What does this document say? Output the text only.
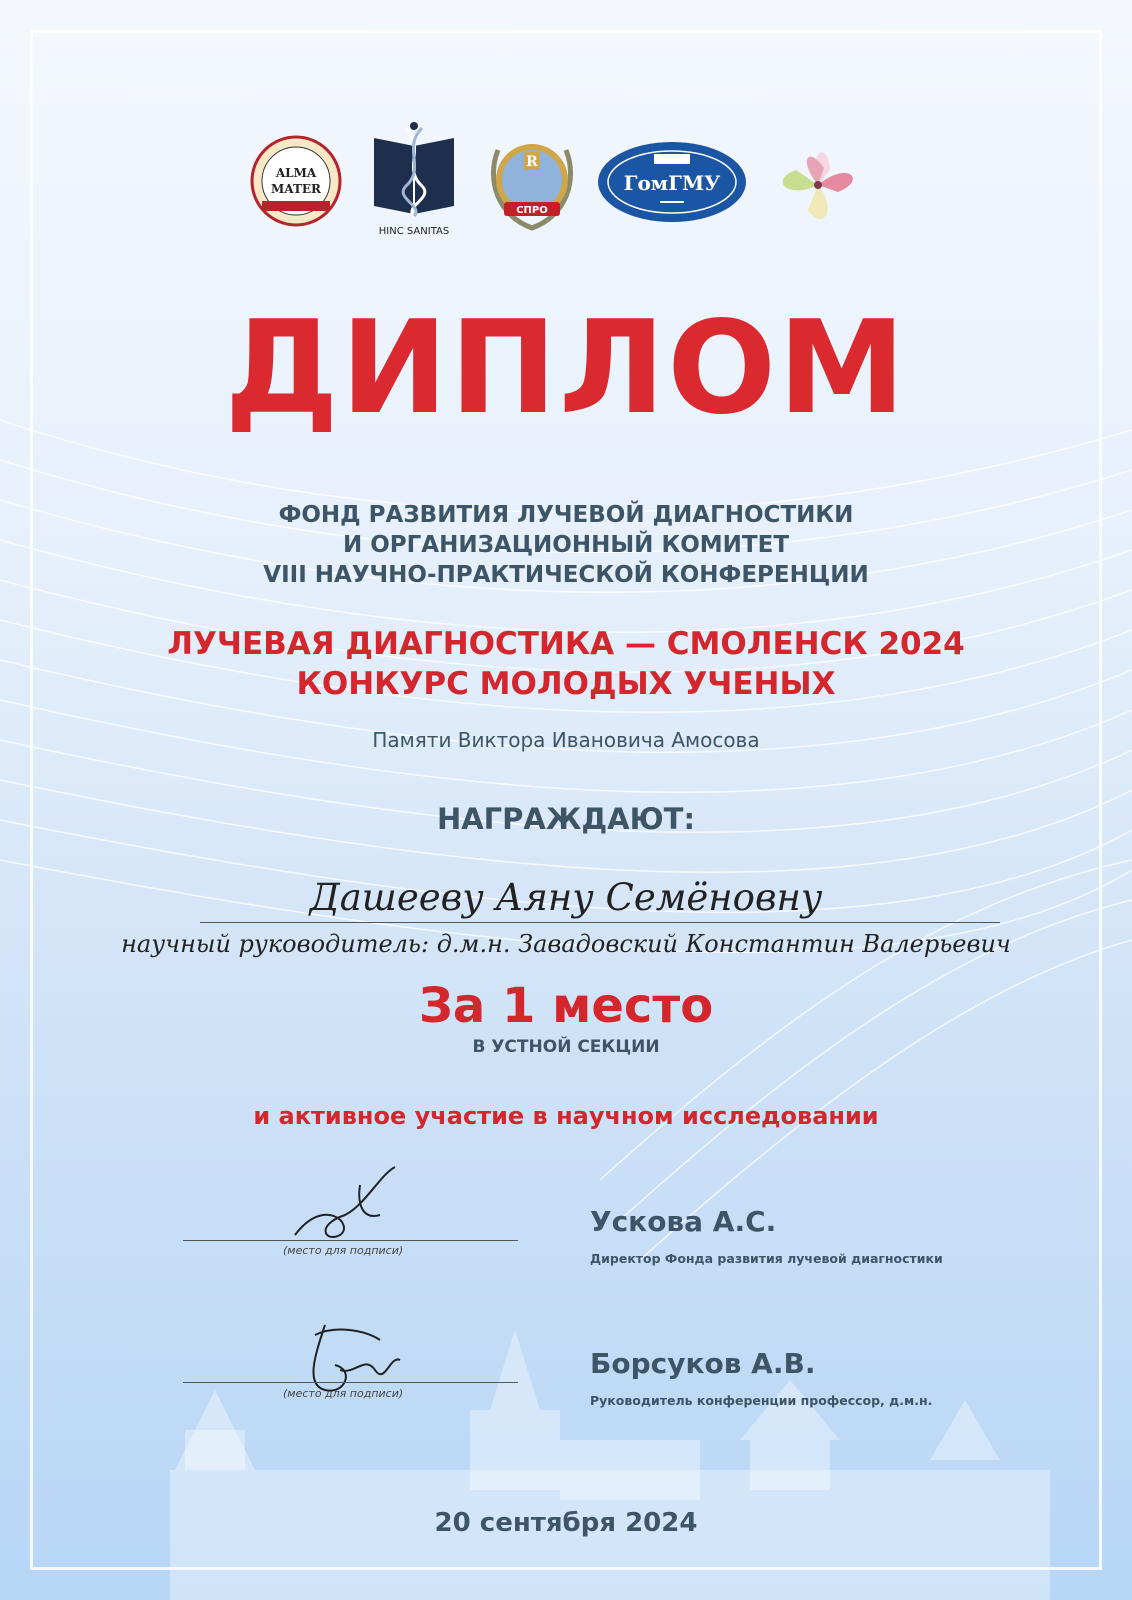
ALMA
MATER
HINC SANITAS
R
СПРО
ГомГМУ
ДИПЛОМ
ФОНД РАЗВИТИЯ ЛУЧЕВОЙ ДИАГНОСТИКИ
И ОРГАНИЗАЦИОННЫЙ КОМИТЕТ
VIII НАУЧНО-ПРАКТИЧЕСКОЙ КОНФЕРЕНЦИИ
ЛУЧЕВАЯ ДИАГНОСТИКА — СМОЛЕНСК 2024
КОНКУРС МОЛОДЫХ УЧЕНЫХ
Памяти Виктора Ивановича Амосова
НАГРАЖДАЮТ:
Дашееву Аяну Семёновну
научный руководитель: д.м.н. Завадовский Константин Валерьевич
За 1 место
В УСТНОЙ СЕКЦИИ
и активное участие в научном исследовании
(место для подписи)
Ускова А.С.
Директор Фонда развития лучевой диагностики
(место для подписи)
Борсуков А.В.
Руководитель конференции профессор, д.м.н.
20 сентября 2024
